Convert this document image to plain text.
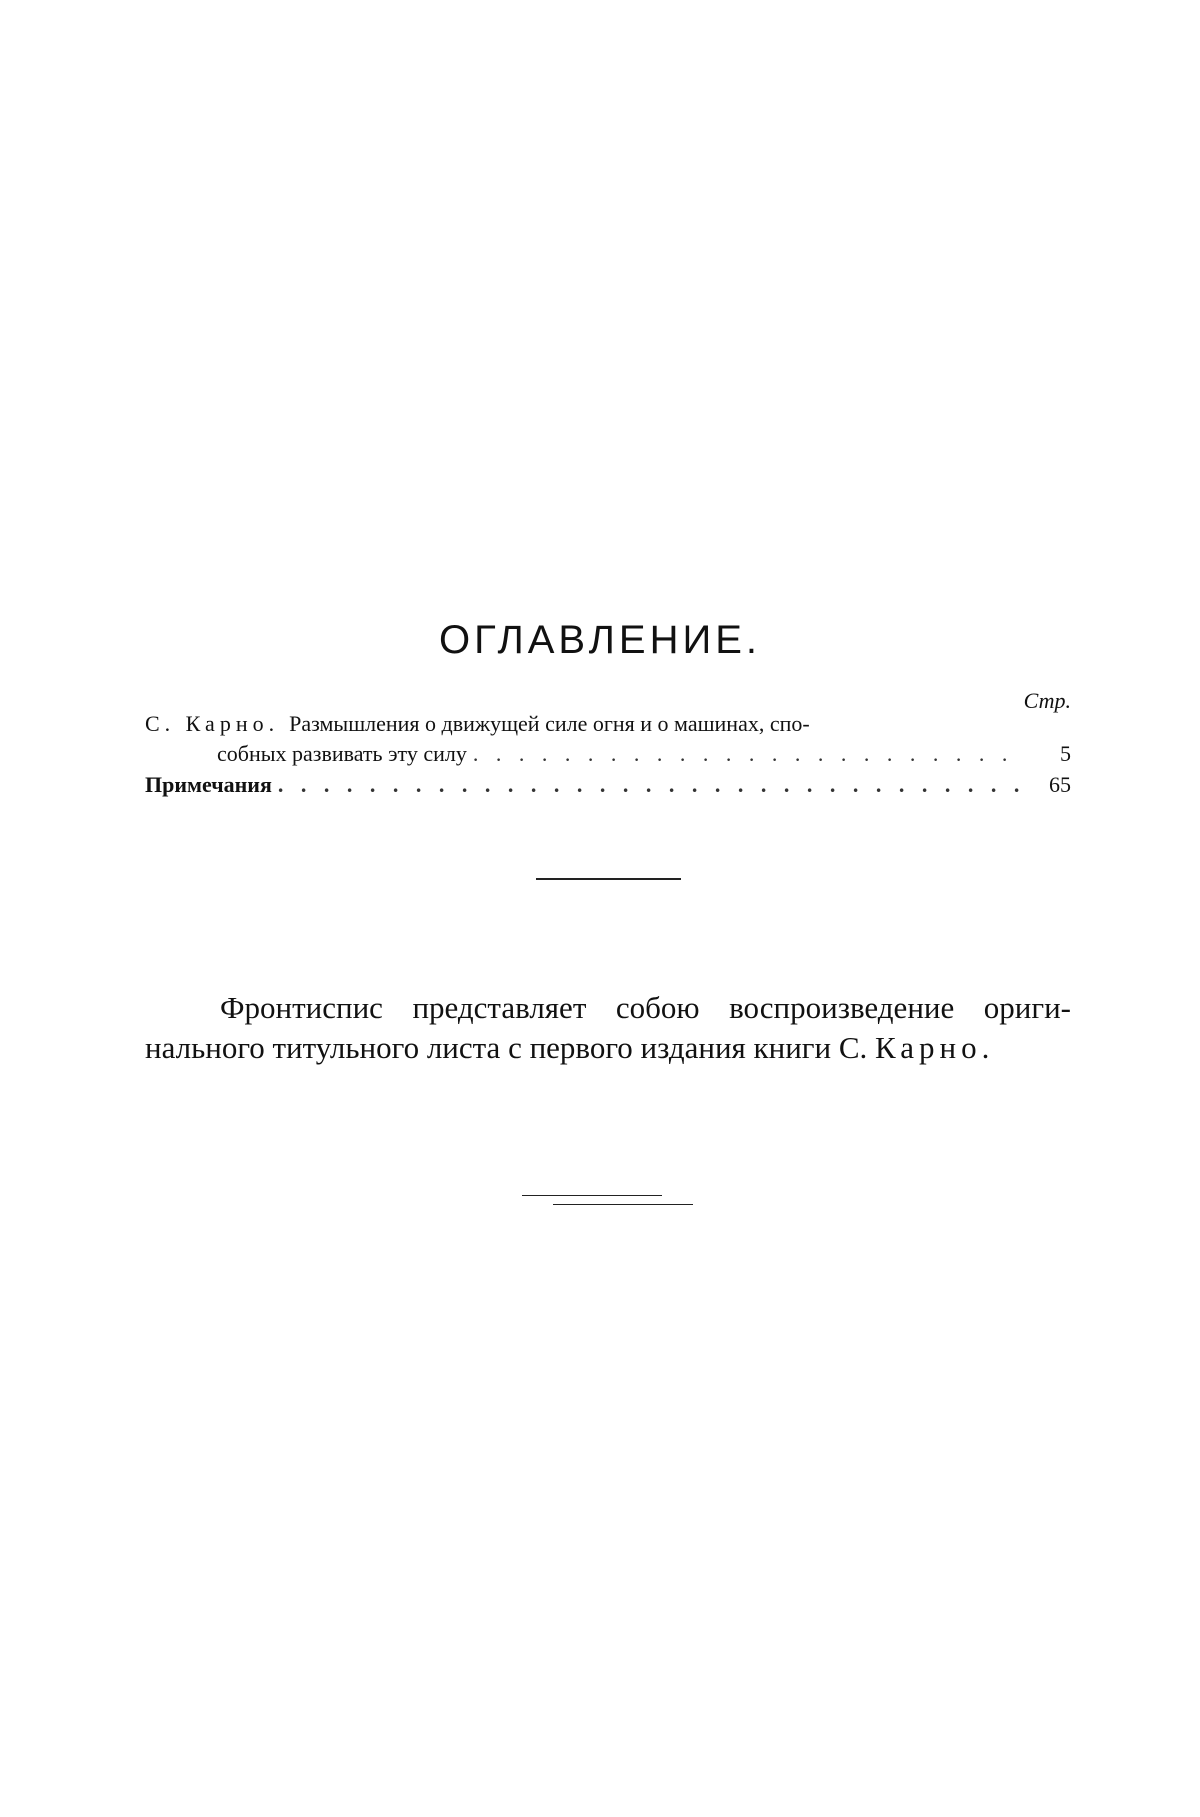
ОГЛАВЛЕНИЕ.
Стр.
С. Карно. Размышления о движущей силе огня и о машинах, спо-
собных развивать эту силу . . .	5
Примечания . . .	65
Фронтиспис представляет собою воспроизведение ориги-
нального титульного листа с первого издания книги С. Карно.
